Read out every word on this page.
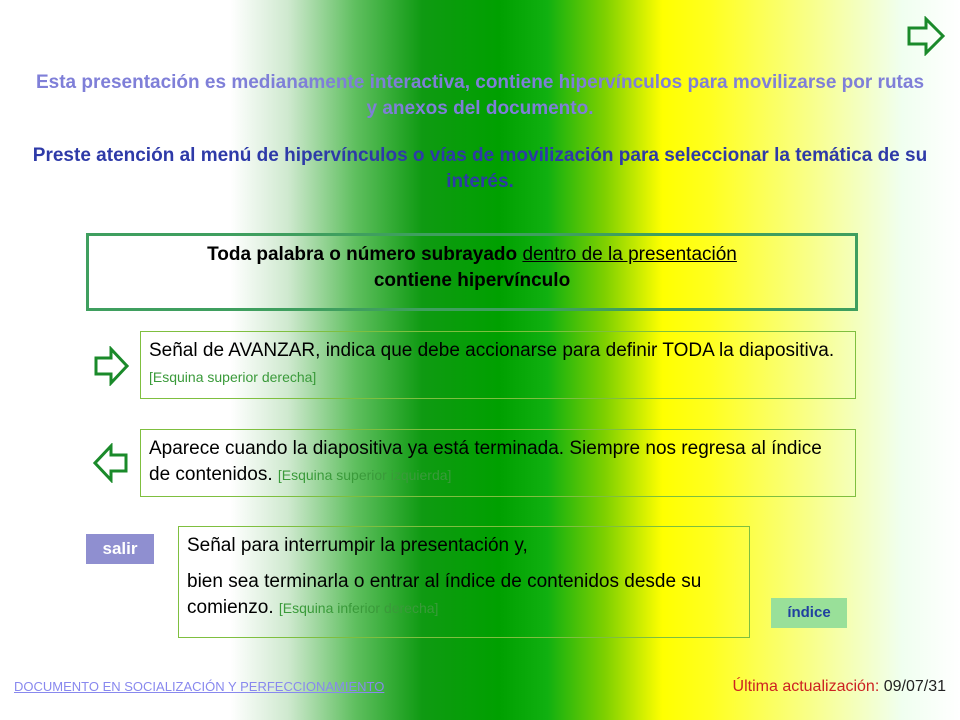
Esta presentación es medianamente interactiva, contiene hipervínculos para movilizarse por rutas y anexos del documento.
Preste atención al menú de hipervínculos o vías de movilización para seleccionar la temática de su interés.
Toda palabra o número subrayado dentro de la presentación
contiene hipervínculo
Señal de AVANZAR, indica que debe accionarse para definir TODA la diapositiva. [Esquina superior derecha]
Aparece cuando la diapositiva ya está terminada. Siempre nos regresa al índice de contenidos. [Esquina superior izquierda]
salir	Señal para interrumpir la presentación y,
bien sea terminarla o entrar al índice de contenidos desde su comienzo. [Esquina inferior derecha]	índice
DOCUMENTO EN SOCIALIZACIÓN Y PERFECCIONAMIENTO	Última actualización: 09/07/31
